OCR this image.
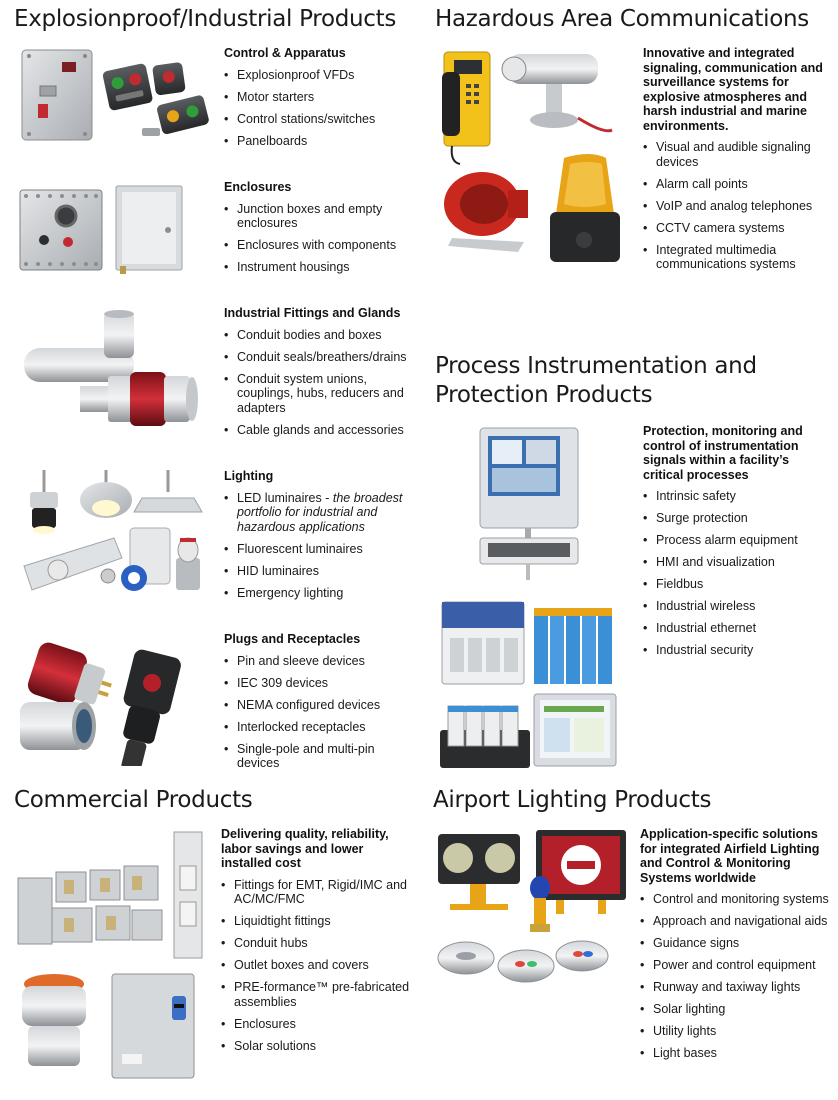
Explosionproof/Industrial Products Hazardous Area Communications
Process Instrumentation and
Protection Products
Commercial Products	Airport Lighting Products
Control & Apparatus
• Explosionproof VFDs
• Motor starters
• Control stations/switches
• Panelboards
Enclosures
• Junction boxes and empty enclosures
• Enclosures with components
• Instrument housings
Industrial Fittings and Glands
• Conduit bodies and boxes
• Conduit seals/breathers/drains
• Conduit system unions, couplings, hubs, reducers and adapters
• Cable glands and accessories
Lighting
• LED luminaires - the broadest portfolio for industrial and hazardous applications
• Fluorescent luminaires
• HID luminaires
• Emergency lighting
Plugs and Receptacles
• Pin and sleeve devices
• IEC 309 devices
• NEMA configured devices
• Interlocked receptacles
• Single-pole and multi-pin devices
Innovative and integrated signaling, communication and surveillance systems for explosive atmospheres and harsh industrial and marine environments.
• Visual and audible signaling devices
• Alarm call points
• VoIP and analog telephones
• CCTV camera systems
• Integrated multimedia communications systems
Protection, monitoring and control of instrumentation signals within a facility’s critical processes
• Intrinsic safety
• Surge protection
• Process alarm equipment
• HMI and visualization
• Fieldbus
• Industrial wireless
• Industrial ethernet
• Industrial security
Delivering quality, reliability, labor savings and lower installed cost
• Fittings for EMT, Rigid/IMC and AC/MC/FMC
• Liquidtight fittings
• Conduit hubs
• Outlet boxes and covers
• PRE-formance™ pre-fabricated assemblies
• Enclosures
• Solar solutions
Application-specific solutions for integrated Airfield Lighting and Control & Monitoring Systems worldwide
• Control and monitoring systems
• Approach and navigational aids
• Guidance signs
• Power and control equipment
• Runway and taxiway lights
• Solar lighting
• Utility lights
• Light bases
